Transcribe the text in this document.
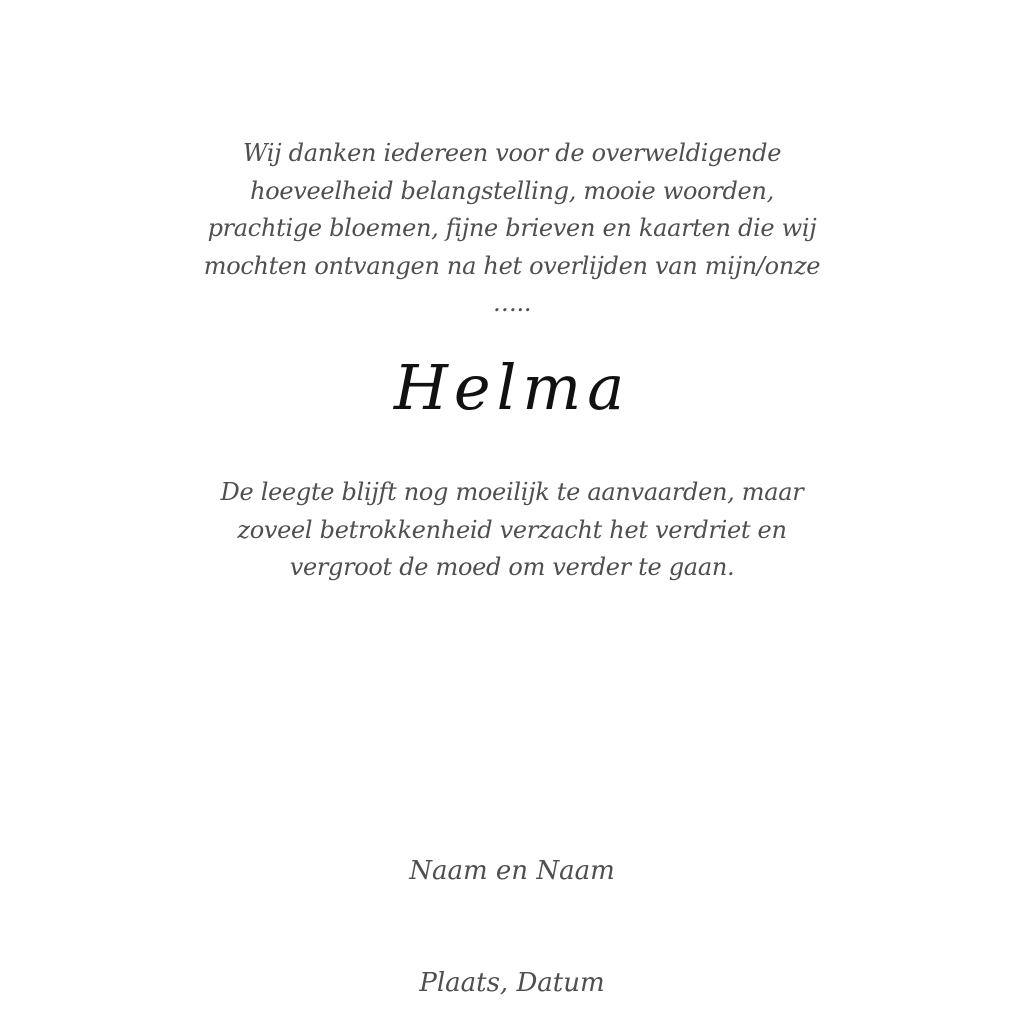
Wij danken iedereen voor de overweldigende hoeveelheid belangstelling, mooie woorden, prachtige bloemen, fijne brieven en kaarten die wij mochten ontvangen na het overlijden van mijn/onze …..
Helma
De leegte blijft nog moeilijk te aanvaarden, maar zoveel betrokkenheid verzacht het verdriet en vergroot de moed om verder te gaan.
Naam en Naam
Plaats, Datum
